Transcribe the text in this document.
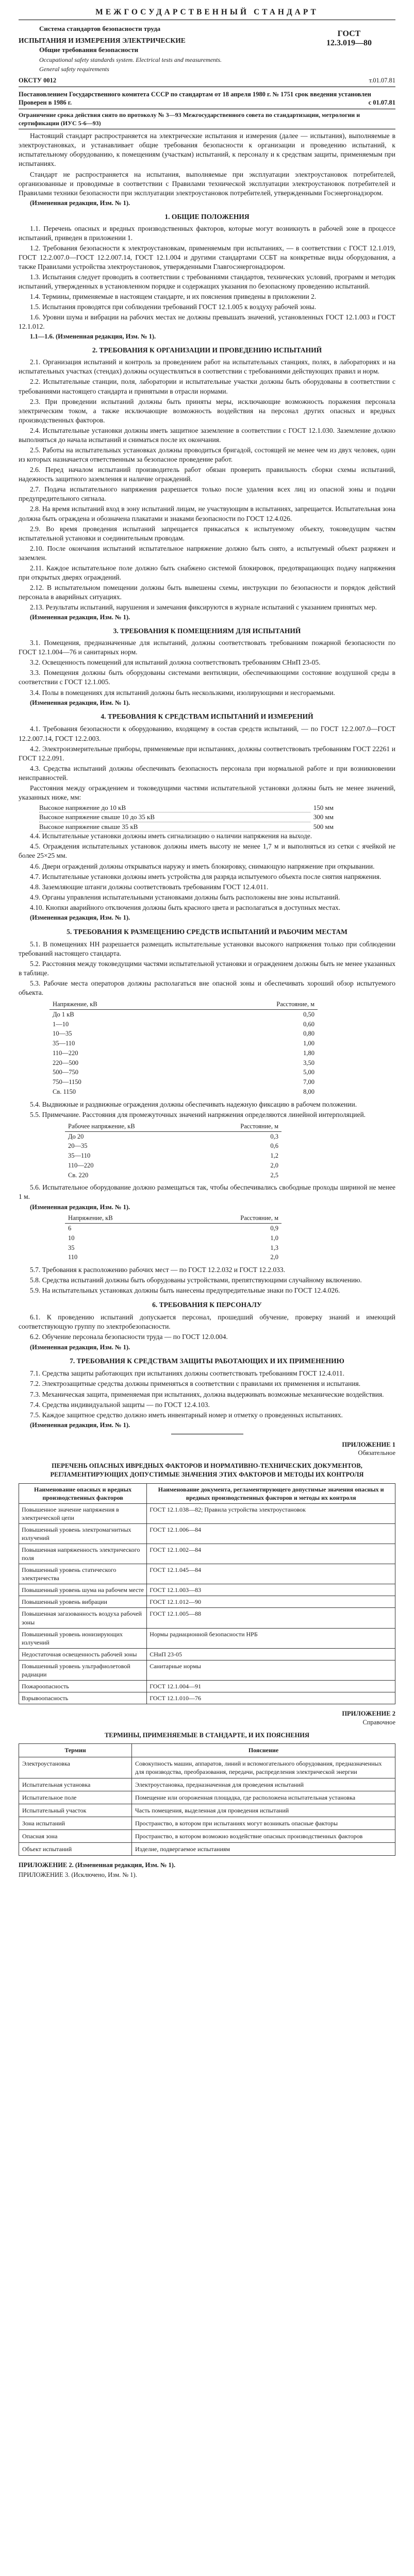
МЕЖГОСУДАРСТВЕННЫЙ СТАНДАРТ
Система стандартов безопасности труда
ИСПЫТАНИЯ И ИЗМЕРЕНИЯ ЭЛЕКТРИЧЕСКИЕ
Общие требования безопасности
Occupational safety standards system. Electrical tests and measurements.
General safety requirements
ГОСТ
12.3.019—80
ОКСТУ 0012	т.01.07.81
Постановлением Государственного комитета СССР по стандартам от 18 апреля 1980 г. № 1751 срок введения установлен
Проверен в 1986 г.	с 01.07.81
Ограничение срока действия снято по протоколу № 3—93 Межгосударственного совета по стандартизации, метрологии и сертификации (ИУС 5-6—93)

Настоящий стандарт распространяется на электрические испытания и измерения (далее — испытания), выполняемые в электроустановках, и устанавливает общие требования безопасности к организации и проведению испытаний, к испытательному оборудованию, к помещениям (участкам) испытаний, к персоналу и к средствам защиты, применяемым при испытаниях.

Стандарт не распространяется на испытания, выполняемые при эксплуатации электроустановок потребителей, организованные и проводимые в соответствии с Правилами технической эксплуатации электроустановок потребителей и Правилами техники безопасности при эксплуатации электроустановок потребителей, утвержденными Госэнергонадзором.

(Измененная редакция, Изм. № 1).

1. ОБЩИЕ ПОЛОЖЕНИЯ

1.1. Перечень опасных и вредных производственных факторов, которые могут возникнуть в рабочей зоне в процессе испытаний, приведен в приложении 1.

1.2. Требования безопасности к электроустановкам, применяемым при испытаниях, — в соответствии с ГОСТ 12.1.019, ГОСТ 12.2.007.0—ГОСТ 12.2.007.14, ГОСТ 12.1.004 и другими стандартами ССБТ на конкретные виды оборудования, а также Правилами устройства электроустановок, утвержденными Главгосэнергонадзором.

1.3. Испытания следует проводить в соответствии с требованиями стандартов, технических условий, программ и методик испытаний, утвержденных в установленном порядке и содержащих указания по безопасному проведению испытаний.

1.4. Термины, применяемые в настоящем стандарте, и их пояснения приведены в приложении 2.

1.5. Испытания проводятся при соблюдении требований ГОСТ 12.1.005 к воздуху рабочей зоны.

1.6. Уровни шума и вибрации на рабочих местах не должны превышать значений, установленных ГОСТ 12.1.003 и ГОСТ 12.1.012.

1.1—1.6. (Измененная редакция, Изм. № 1).

2. ТРЕБОВАНИЯ К ОРГАНИЗАЦИИ И ПРОВЕДЕНИЮ ИСПЫТАНИЙ

2.1. Организация испытаний и контроль за проведением работ на испытательных станциях, полях, в лабораториях и на испытательных участках (стендах) должны осуществляться в соответствии с требованиями действующих правил и норм.

2.2. Испытательные станции, поля, лаборатории и испытательные участки должны быть оборудованы в соответствии с требованиями настоящего стандарта и принятыми в отрасли нормами.

2.3. При проведении испытаний должны быть приняты меры, исключающие возможность поражения персонала электрическим током, а также исключающие возможность воздействия на персонал других опасных и вредных производственных факторов.

2.4. Испытательные установки должны иметь защитное заземление в соответствии с ГОСТ 12.1.030. Заземление должно выполняться до начала испытаний и сниматься после их окончания.

2.5. Работы на испытательных установках должны проводиться бригадой, состоящей не менее чем из двух человек, один из которых назначается ответственным за безопасное проведение работ.

2.6. Перед началом испытаний производитель работ обязан проверить правильность сборки схемы испытаний, надежность защитного заземления и наличие ограждений.

2.7. Подача испытательного напряжения разрешается только после удаления всех лиц из опасной зоны и подачи предупредительного сигнала.

2.8. На время испытаний вход в зону испытаний лицам, не участвующим в испытаниях, запрещается. Испытательная зона должна быть ограждена и обозначена плакатами и знаками безопасности по ГОСТ 12.4.026.

2.9. Во время проведения испытаний запрещается прикасаться к испытуемому объекту, токоведущим частям испытательной установки и соединительным проводам.

2.10. После окончания испытаний испытательное напряжение должно быть снято, а испытуемый объект разряжен и заземлен.

2.11. Каждое испытательное поле должно быть снабжено системой блокировок, предотвращающих подачу напряжения при открытых дверях ограждений.

2.12. В испытательном помещении должны быть вывешены схемы, инструкции по безопасности и порядок действий персонала в аварийных ситуациях.

2.13. Результаты испытаний, нарушения и замечания фиксируются в журнале испытаний с указанием принятых мер.

(Измененная редакция, Изм. № 1).

3. ТРЕБОВАНИЯ К ПОМЕЩЕНИЯМ ДЛЯ ИСПЫТАНИЙ

3.1. Помещения, предназначенные для испытаний, должны соответствовать требованиям пожарной безопасности по ГОСТ 12.1.004—76 и санитарных норм.

3.2. Освещенность помещений для испытаний должна соответствовать требованиям СНиП 23-05.

3.3. Помещения должны быть оборудованы системами вентиляции, обеспечивающими состояние воздушной среды в соответствии с ГОСТ 12.1.005.

3.4. Полы в помещениях для испытаний должны быть нескользкими, изолирующими и несгораемыми.

(Измененная редакция, Изм. № 1).

4. ТРЕБОВАНИЯ К СРЕДСТВАМ ИСПЫТАНИЙ И ИЗМЕРЕНИЙ

4.1. Требования безопасности к оборудованию, входящему в состав средств испытаний, — по ГОСТ 12.2.007.0—ГОСТ 12.2.007.14, ГОСТ 12.2.003.

4.2. Электроизмерительные приборы, применяемые при испытаниях, должны соответствовать требованиям ГОСТ 22261 и ГОСТ 12.2.091.

4.3. Средства испытаний должны обеспечивать безопасность персонала при нормальной работе и при возникновении неисправностей.

Расстояния между ограждением и токоведущими частями испытательной установки должны быть не менее значений, указанных ниже, мм:

Высокое напряжение до 10 кВ	150 мм
Высокое напряжение свыше 10 до 35 кВ	300 мм
Высокое напряжение свыше 35 кВ	500 мм

4.4. Испытательные установки должны иметь сигнализацию о наличии напряжения на выходе.

4.5. Ограждения испытательных установок должны иметь высоту не менее 1,7 м и выполняться из сетки с ячейкой не более 25×25 мм.

4.6. Двери ограждений должны открываться наружу и иметь блокировку, снимающую напряжение при открывании.

4.7. Испытательные установки должны иметь устройства для разряда испытуемого объекта после снятия напряжения.

4.8. Заземляющие штанги должны соответствовать требованиям ГОСТ 12.4.011.

4.9. Органы управления испытательными установками должны быть расположены вне зоны испытаний.

4.10. Кнопки аварийного отключения должны быть красного цвета и располагаться в доступных местах.

(Измененная редакция, Изм. № 1).

5. ТРЕБОВАНИЯ К РАЗМЕЩЕНИЮ СРЕДСТВ ИСПЫТАНИЙ И РАБОЧИМ МЕСТАМ

5.1. В помещениях НН разрешается размещать испытательные установки высокого напряжения только при соблюдении требований настоящего стандарта.

5.2. Расстояния между токоведущими частями испытательной установки и ограждением должны быть не менее указанных в таблице.

5.3. Рабочие места операторов должны располагаться вне опасной зоны и обеспечивать хороший обзор испытуемого объекта.

Напряжение, кВ	Расстояние, м
До 1 кВ	0,50
1—10	0,60
10—35	0,80
35—110	1,00
110—220	1,80
220—500	3,50
500—750	5,00
750—1150	7,00
Св. 1150	8,00

5.4. Выдвижные и раздвижные ограждения должны обеспечивать надежную фиксацию в рабочем положении.

5.5. Примечание. Расстояния для промежуточных значений напряжения определяются линейной интерполяцией.

Рабочее напряжение, кВ	Расстояние, м
До 20	0,3
20—35	0,6
35—110	1,2
110—220	2,0
Св. 220	2,5

5.6. Испытательное оборудование должно размещаться так, чтобы обеспечивались свободные проходы шириной не менее 1 м.

(Измененная редакция, Изм. № 1).

Напряжение, кВ	Расстояние, м
6	0,9
10	1,0
35	1,3
110	2,0

5.7. Требования к расположению рабочих мест — по ГОСТ 12.2.032 и ГОСТ 12.2.033.

5.8. Средства испытаний должны быть оборудованы устройствами, препятствующими случайному включению.

5.9. На испытательных установках должны быть нанесены предупредительные знаки по ГОСТ 12.4.026.

6. ТРЕБОВАНИЯ К ПЕРСОНАЛУ

6.1. К проведению испытаний допускается персонал, прошедший обучение, проверку знаний и имеющий соответствующую группу по электробезопасности.

6.2. Обучение персонала безопасности труда — по ГОСТ 12.0.004.

(Измененная редакция, Изм. № 1).

7. ТРЕБОВАНИЯ К СРЕДСТВАМ ЗАЩИТЫ РАБОТАЮЩИХ И ИХ ПРИМЕНЕНИЮ

7.1. Средства защиты работающих при испытаниях должны соответствовать требованиям ГОСТ 12.4.011.

7.2. Электрозащитные средства должны применяться в соответствии с правилами их применения и испытания.

7.3. Механическая защита, применяемая при испытаниях, должна выдерживать возможные механические воздействия.

7.4. Средства индивидуальной защиты — по ГОСТ 12.4.103.

7.5. Каждое защитное средство должно иметь инвентарный номер и отметку о проведенных испытаниях.

(Измененная редакция, Изм. № 1).

ПРИЛОЖЕНИЕ 1
Обязательное
ПЕРЕЧЕНЬ ОПАСНЫХ ИВРЕДНЫХ ФАКТОРОВ И НОРМАТИВНО-ТЕХНИЧЕСКИХ ДОКУМЕНТОВ, РЕГЛАМЕНТИРУЮЩИХ ДОПУСТИМЫЕ ЗНАЧЕНИЯ ЭТИХ ФАКТОРОВ И МЕТОДЫ ИХ КОНТРОЛЯ
Наименование опасных и вредных производственных факторов	Наименование документа, регламентирующего допустимые значения опасных и вредных производственных факторов и методы их контроля
Повышенное значение напряжения в электрической цепи	ГОСТ 12.1.038—82; Правила устройства электроустановок
Повышенный уровень электромагнитных излучений	ГОСТ 12.1.006—84
Повышенная напряженность электрического поля	ГОСТ 12.1.002—84
Повышенный уровень статического электричества	ГОСТ 12.1.045—84
Повышенный уровень шума на рабочем месте	ГОСТ 12.1.003—83
Повышенный уровень вибрации	ГОСТ 12.1.012—90
Повышенная загазованность воздуха рабочей зоны	ГОСТ 12.1.005—88
Повышенный уровень ионизирующих излучений	Нормы радиационной безопасности НРБ
Недостаточная освещенность рабочей зоны	СНиП 23-05
Повышенный уровень ультрафиолетовой радиации	Санитарные нормы
Пожароопасность	ГОСТ 12.1.004—91
Взрывоопасность	ГОСТ 12.1.010—76
ПРИЛОЖЕНИЕ 2
Справочное
ТЕРМИНЫ, ПРИМЕНЯЕМЫЕ В СТАНДАРТЕ, И ИХ ПОЯСНЕНИЯ
Термин	Пояснение
Электроустановка	Совокупность машин, аппаратов, линий и вспомогательного оборудования, предназначенных для производства, преобразования, передачи, распределения электрической энергии
Испытательная установка	Электроустановка, предназначенная для проведения испытаний
Испытательное поле	Помещение или огороженная площадка, где расположена испытательная установка
Испытательный участок	Часть помещения, выделенная для проведения испытаний
Зона испытаний	Пространство, в котором при испытаниях могут возникать опасные факторы
Опасная зона	Пространство, в котором возможно воздействие опасных производственных факторов
Объект испытаний	Изделие, подвергаемое испытаниям

ПРИЛОЖЕНИЕ 2. (Измененная редакция, Изм. № 1).

ПРИЛОЖЕНИЕ 3. (Исключено, Изм. № 1).
